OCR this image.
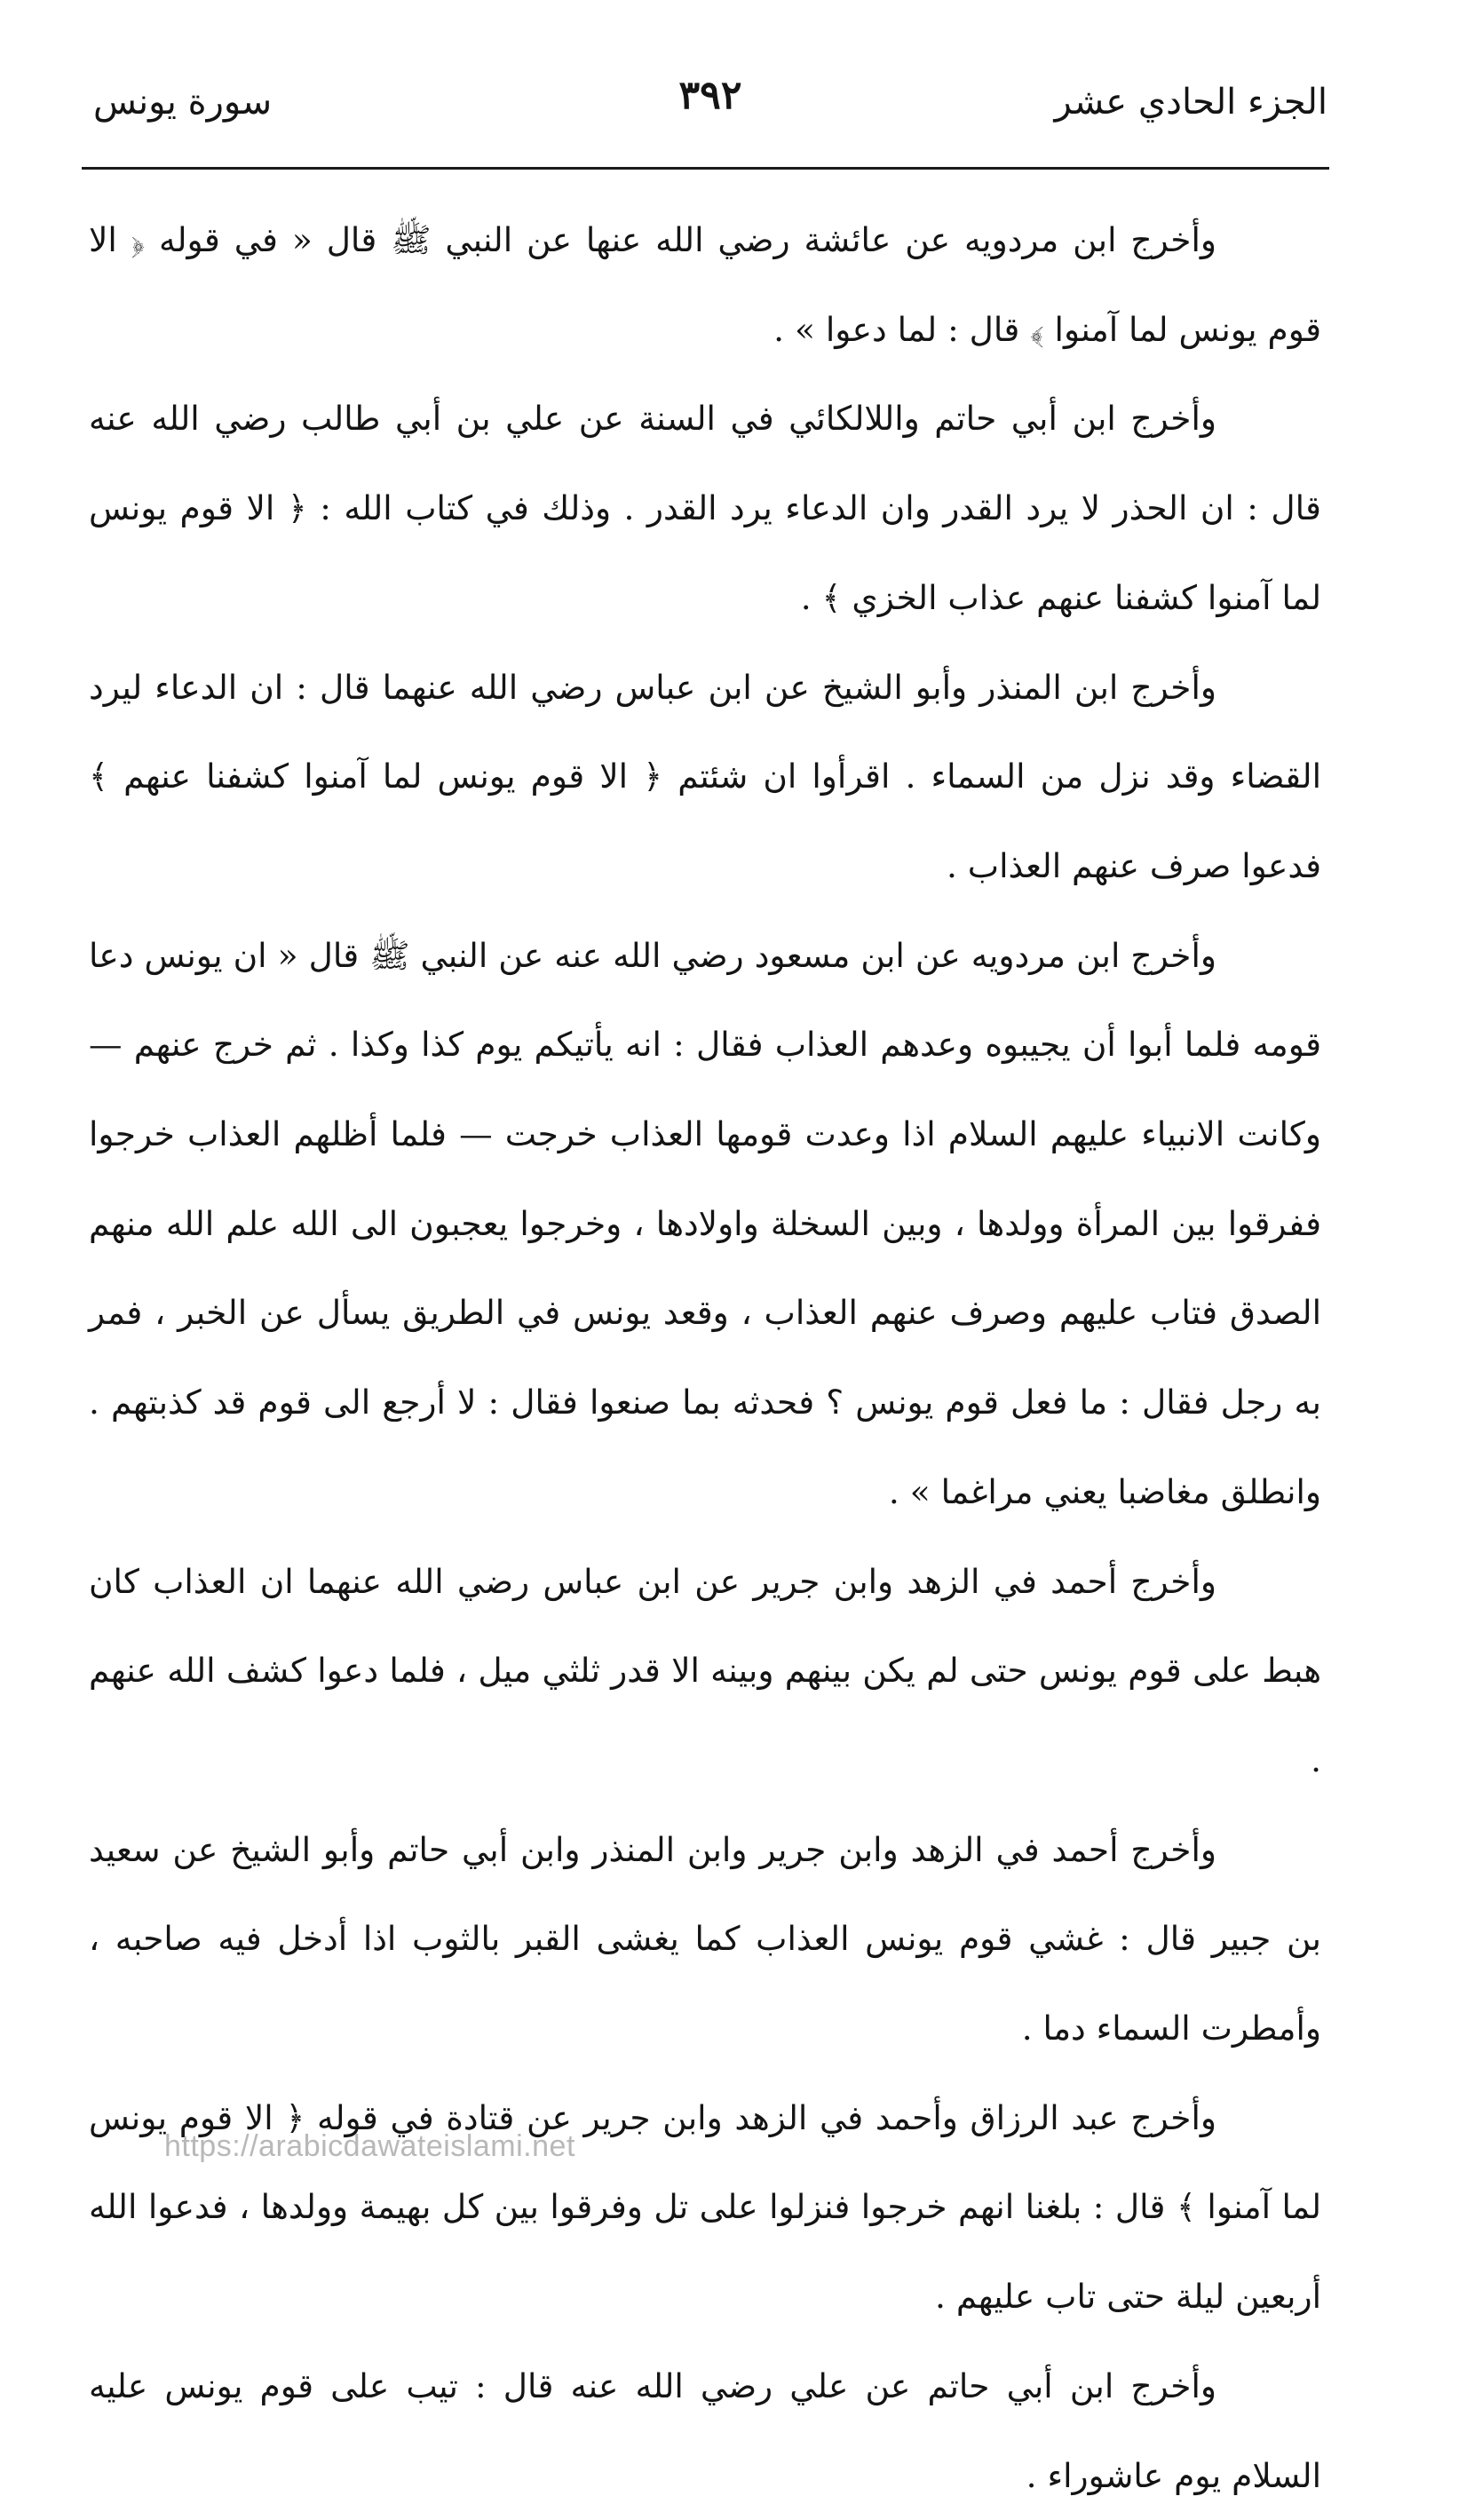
الجزء الحادي عشر
٣٩٢
سورة يونس

وأخرج ابن مردويه عن عائشة رضي الله عنها عن النبي ﷺ قال « في قوله ﴿ الا قوم يونس لما آمنوا ﴾ قال : لما دعوا » .

وأخرج ابن أبي حاتم واللالكائي في السنة عن علي بن أبي طالب رضي الله عنه قال : ان الحذر لا يرد القدر وان الدعاء يرد القدر . وذلك في كتاب الله : ﴿ الا قوم يونس لما آمنوا كشفنا عنهم عذاب الخزي ﴾ .

وأخرج ابن المنذر وأبو الشيخ عن ابن عباس رضي الله عنهما قال : ان الدعاء ليرد القضاء وقد نزل من السماء . اقرأوا ان شئتم ﴿ الا قوم يونس لما آمنوا كشفنا عنهم ﴾ فدعوا صرف عنهم العذاب .

وأخرج ابن مردويه عن ابن مسعود رضي الله عنه عن النبي ﷺ قال « ان يونس دعا قومه فلما أبوا أن يجيبوه وعدهم العذاب فقال : انه يأتيكم يوم كذا وكذا . ثم خرج عنهم — وكانت الانبياء عليهم السلام اذا وعدت قومها العذاب خرجت — فلما أظلهم العذاب خرجوا ففرقوا بين المرأة وولدها ، وبين السخلة واولادها ، وخرجوا يعجبون الى الله علم الله منهم الصدق فتاب عليهم وصرف عنهم العذاب ، وقعد يونس في الطريق يسأل عن الخبر ، فمر به رجل فقال : ما فعل قوم يونس ؟ فحدثه بما صنعوا فقال : لا أرجع الى قوم قد كذبتهم . وانطلق مغاضبا يعني مراغما » .

وأخرج أحمد في الزهد وابن جرير عن ابن عباس رضي الله عنهما ان العذاب كان هبط على قوم يونس حتى لم يكن بينهم وبينه الا قدر ثلثي ميل ، فلما دعوا كشف الله عنهم .

وأخرج أحمد في الزهد وابن جرير وابن المنذر وابن أبي حاتم وأبو الشيخ عن سعيد بن جبير قال : غشي قوم يونس العذاب كما يغشى القبر بالثوب اذا أدخل فيه صاحبه ، وأمطرت السماء دما .

وأخرج عبد الرزاق وأحمد في الزهد وابن جرير عن قتادة في قوله ﴿ الا قوم يونس لما آمنوا ﴾ قال : بلغنا انهم خرجوا فنزلوا على تل وفرقوا بين كل بهيمة وولدها ، فدعوا الله أربعين ليلة حتى تاب عليهم .

وأخرج ابن أبي حاتم عن علي رضي الله عنه قال : تيب على قوم يونس عليه السلام يوم عاشوراء .

https://arabicdawateislami.net
